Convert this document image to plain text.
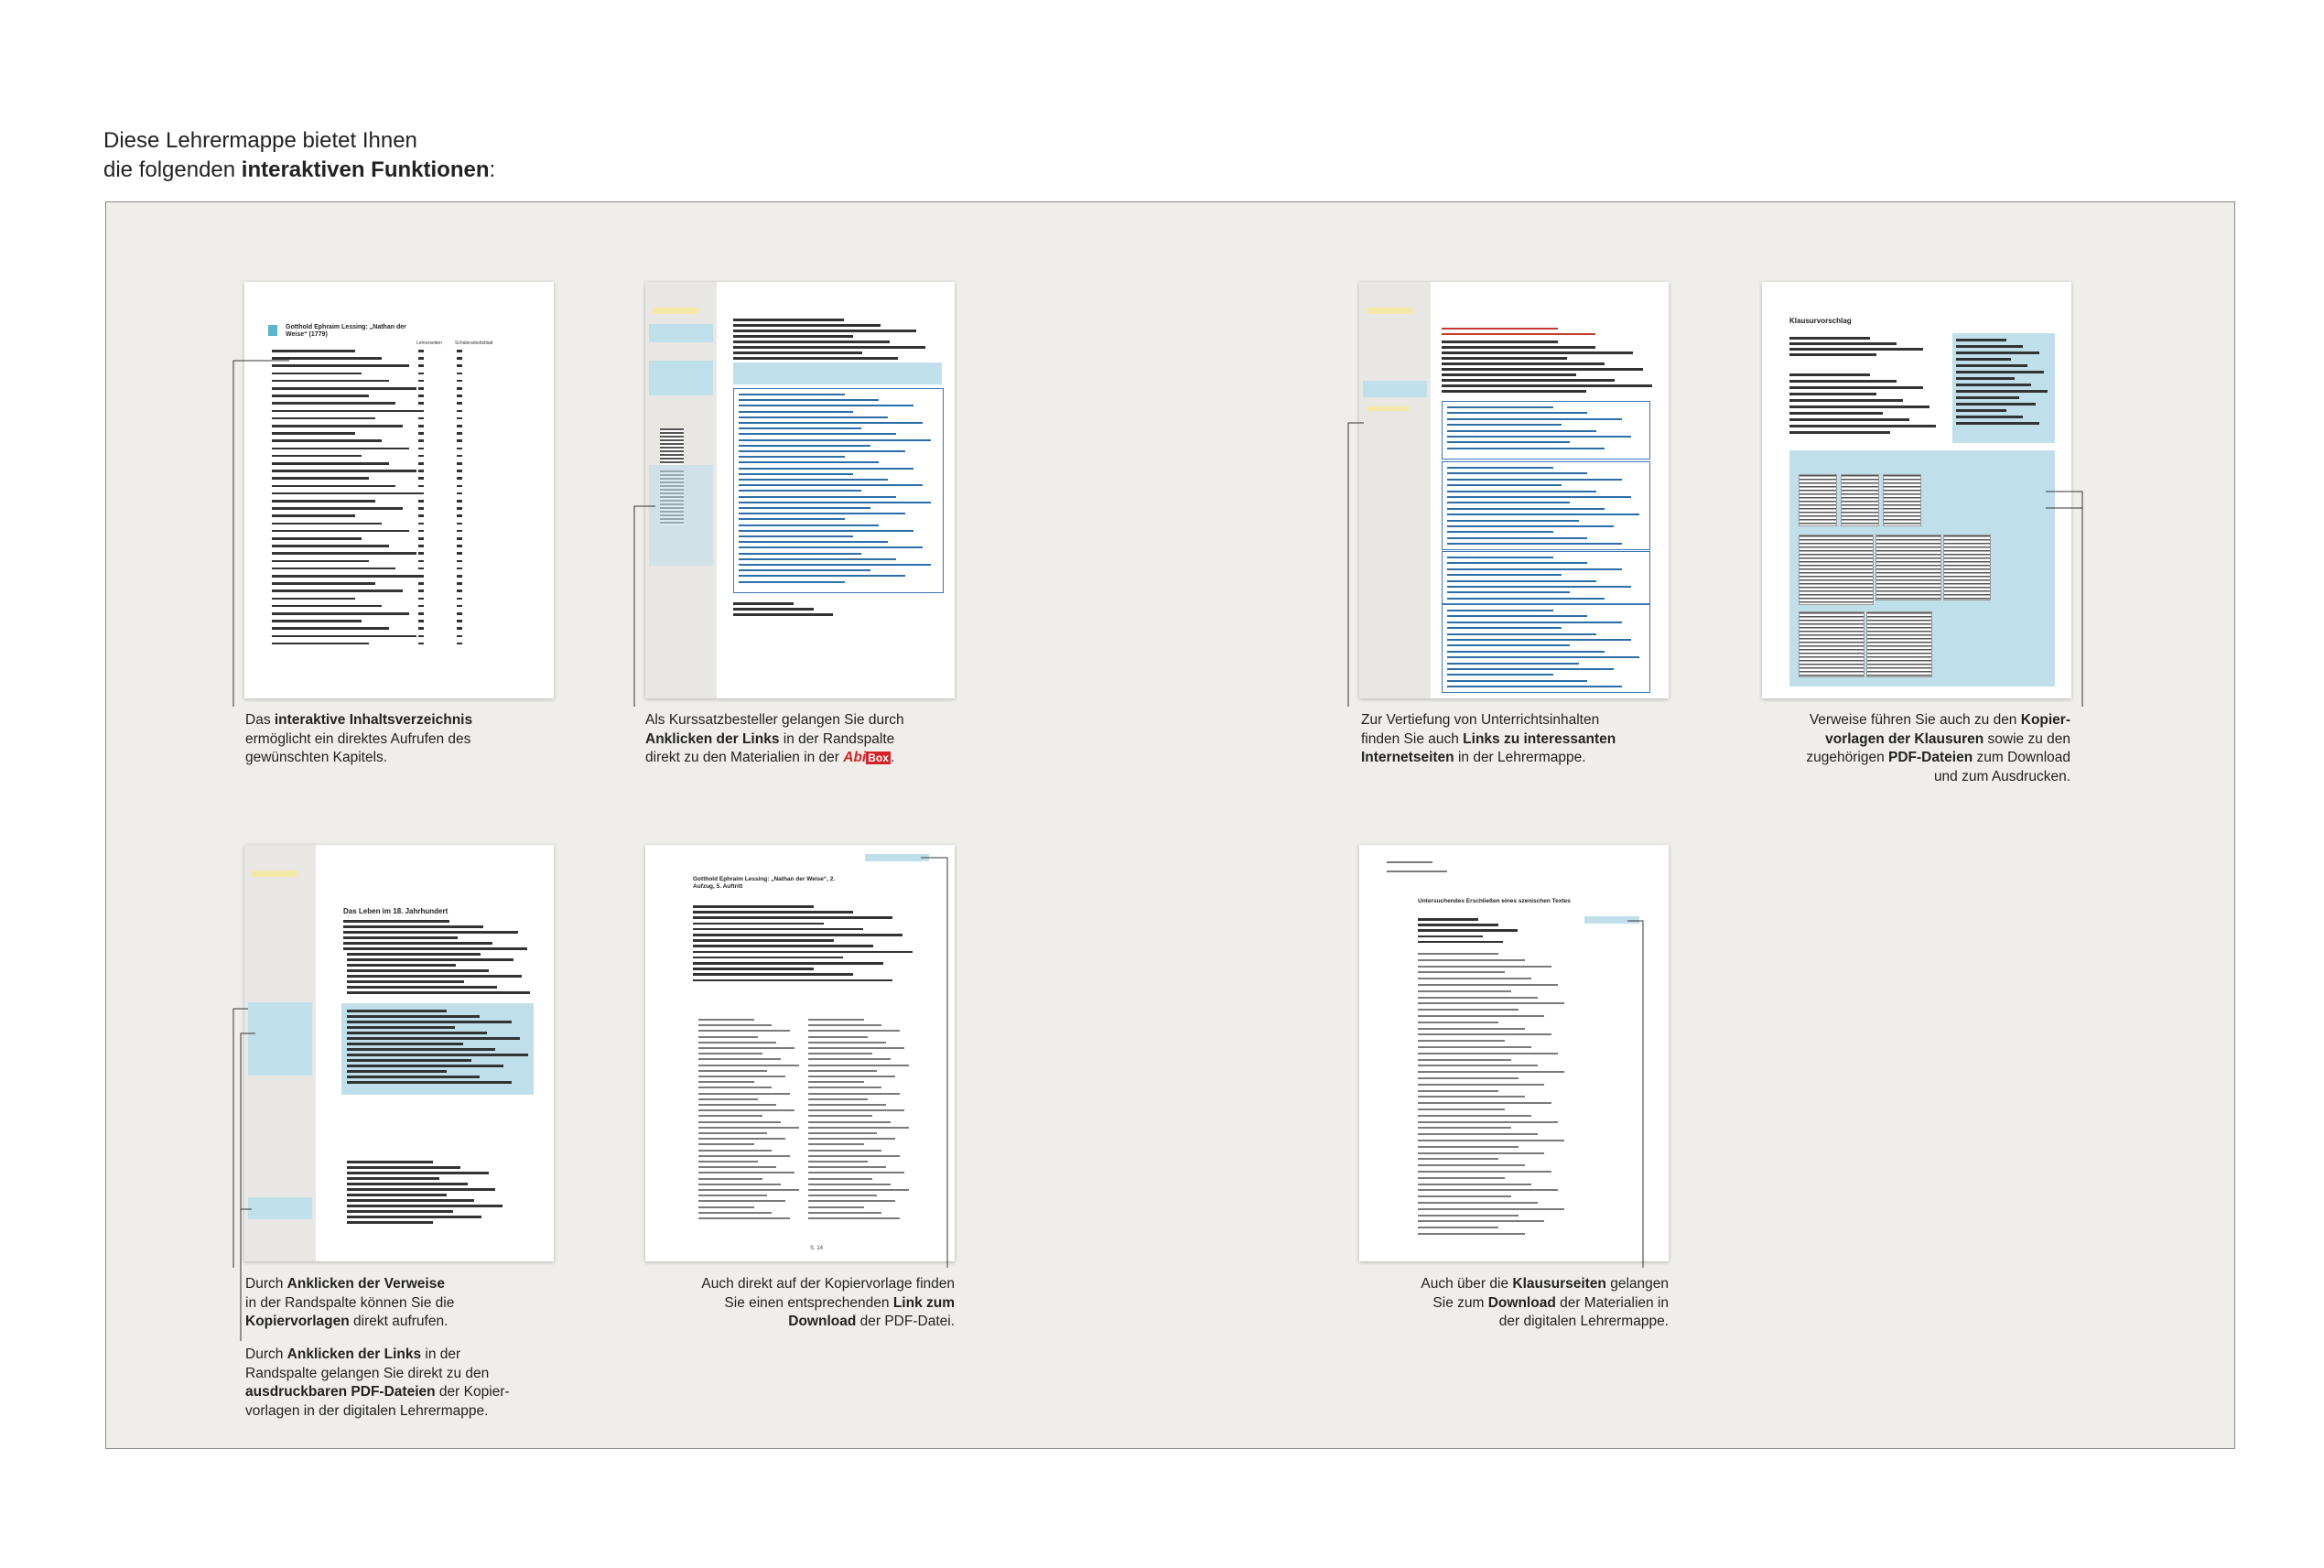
Diese Lehrermappe bietet Ihnen
die folgenden interaktiven Funktionen:
Gotthold Ephraim Lessing: „Nathan der Weise“ (1779)
Lehrerseiten	Schülerarbeitsblatt
Klausurvorschlag
Das Leben im 18. Jahrhundert
Gotthold Ephraim Lessing: „Nathan der Weise“, 2. Aufzug, 5. Auftritt
S. 14
Untersuchendes Erschließen eines szenischen Textes
Das interaktive Inhaltsverzeichnis
ermöglicht ein direktes Aufrufen des
gewünschten Kapitels.
Als Kurssatzbesteller gelangen Sie durch
Anklicken der Links in der Randspalte
direkt zu den Materialien in der Abi Box .
Zur Vertiefung von Unterrichtsinhalten
finden Sie auch Links zu interessanten
Internetseiten in der Lehrermappe.
Verweise führen Sie auch zu den Kopier-
vorlagen der Klausuren sowie zu den
zugehörigen PDF-Dateien zum Download
und zum Ausdrucken.
Durch Anklicken der Verweise
in der Randspalte können Sie die
Kopiervorlagen direkt aufrufen.
Durch Anklicken der Links in der
Randspalte gelangen Sie direkt zu den
ausdruckbaren PDF-Dateien der Kopier-
vorlagen in der digitalen Lehrermappe.
Auch direkt auf der Kopiervorlage finden
Sie einen entsprechenden Link zum
Download der PDF-Datei.
Auch über die Klausurseiten gelangen
Sie zum Download der Materialien in
der digitalen Lehrermappe.
